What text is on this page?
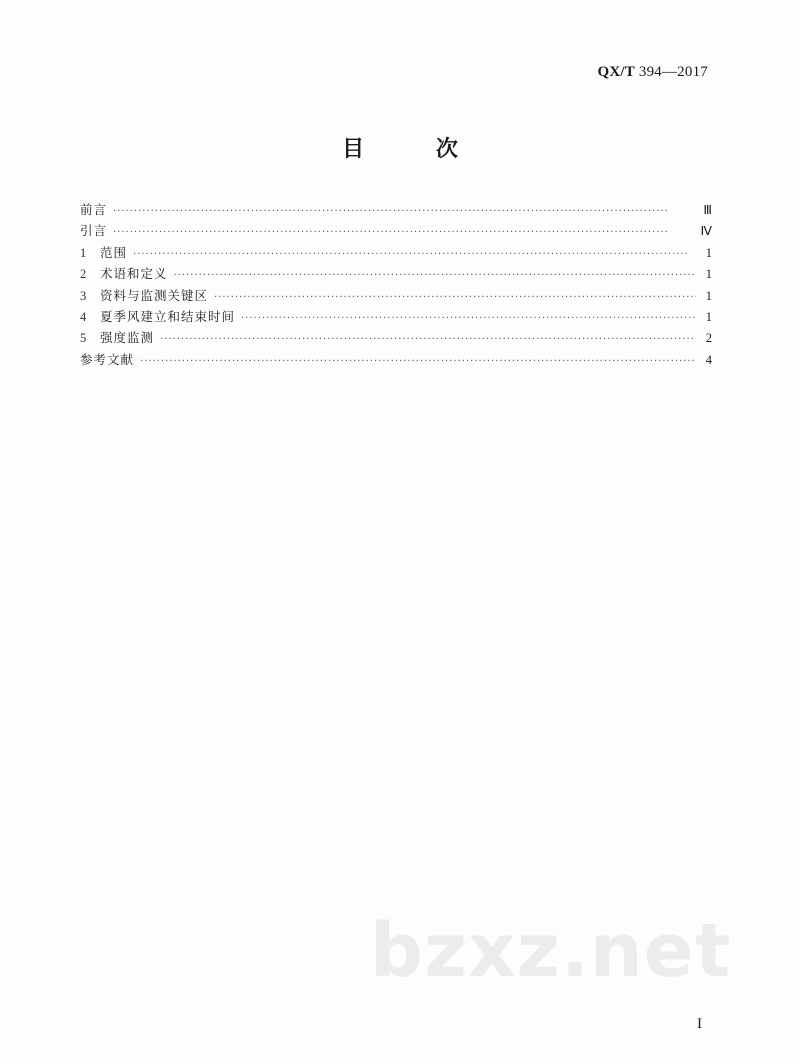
QX/T 394—2017
目 次
前言 ·····	Ⅲ
引言 ·····	Ⅳ
1	范围 ·····	1
2	术语和定义 ·····	1
3	资料与监测关键区 ·····	1
4	夏季风建立和结束时间 ·····	1
5	强度监测 ·····	2
参考文献 ·····	4
bzxz.net
I
